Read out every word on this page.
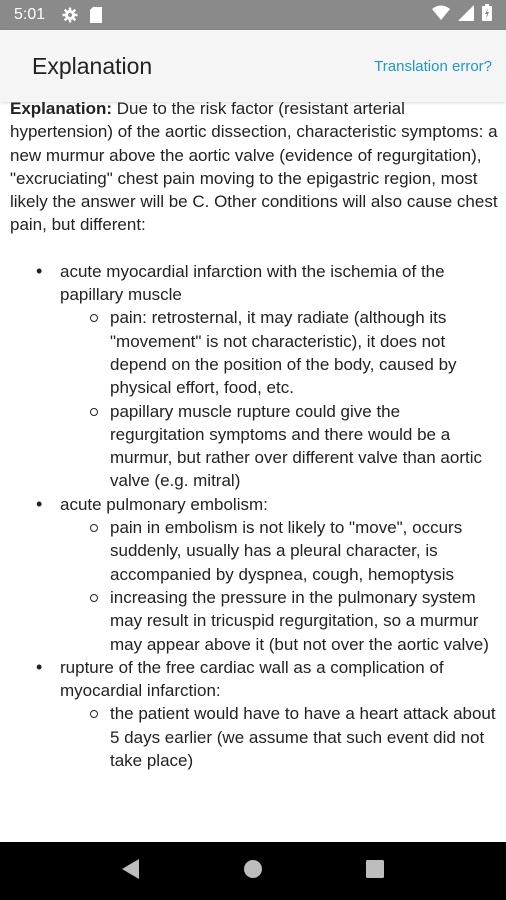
5:01
Explanation	Translation error?

Explanation: Due to the risk factor (resistant arterial hypertension) of the aortic dissection, characteristic symptoms: a new murmur above the aortic valve (evidence of regurgitation), "excruciating" chest pain moving to the epigastric region, most likely the answer will be C. Other conditions will also cause chest pain, but different:

• acute myocardial infarction with the ischemia of the papillary muscle
pain: retrosternal, it may radiate (although its "movement" is not characteristic), it does not depend on the position of the body, caused by physical effort, food, etc.
papillary muscle rupture could give the regurgitation symptoms and there would be a murmur, but rather over different valve than aortic valve (e.g. mitral)
• acute pulmonary embolism:
pain in embolism is not likely to "move", occurs suddenly, usually has a pleural character, is accompanied by dyspnea, cough, hemoptysis
increasing the pressure in the pulmonary system may result in tricuspid regurgitation, so a murmur may appear above it (but not over the aortic valve)
• rupture of the free cardiac wall as a complication of myocardial infarction:
the patient would have to have a heart attack about 5 days earlier (we assume that such event did not take place)
